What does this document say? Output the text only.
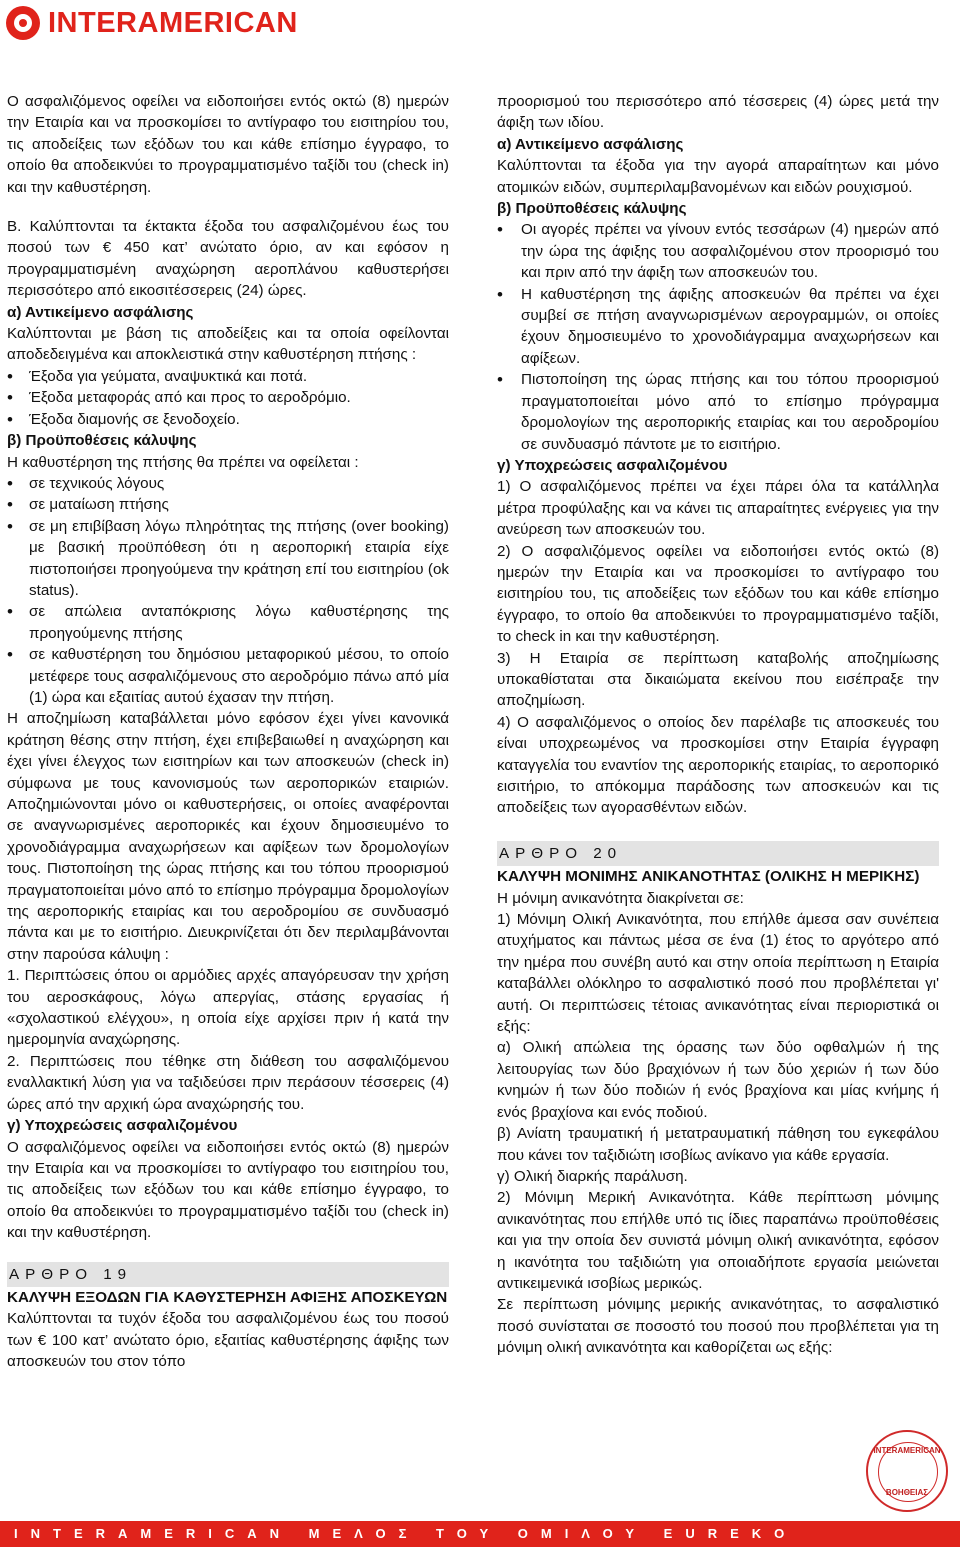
INTERAMERICAN

Ο ασφαλιζόμενος οφείλει να ειδοποιήσει εντός οκτώ (8) ημερών την Εταιρία και να προσκομίσει το αντίγραφο του εισιτηρίου του, τις αποδείξεις των εξόδων του και κάθε επίσημο έγγραφο, το οποίο θα αποδεικνύει το προγραμματισμένο ταξίδι του (check in) και την καθυστέρηση.

Β. Καλύπτονται τα έκτακτα έξοδα του ασφαλιζομένου έως του ποσού των € 450 κατ’ ανώτατο όριο, αν και εφόσον η προγραμματισμένη αναχώρηση αεροπλάνου καθυστερήσει περισσότερο από εικοσιτέσσερεις (24) ώρες.

α) Αντικείμενο ασφάλισης

Καλύπτονται με βάση τις αποδείξεις και τα οποία οφείλονται αποδεδειγμένα και αποκλειστικά στην καθυστέρηση πτήσης :

• Έξοδα για γεύματα, αναψυκτικά και ποτά.
• Έξοδα μεταφοράς από και προς το αεροδρόμιο.
• Έξοδα διαμονής σε ξενοδοχείο.

β) Προϋποθέσεις κάλυψης

Η καθυστέρηση της πτήσης θα πρέπει να οφείλεται :

• σε τεχνικούς λόγους
• σε ματαίωση πτήσης
• σε μη επιβίβαση λόγω πληρότητας της πτήσης (over booking) με βασική προϋπόθεση ότι η αεροπορική εταιρία είχε πιστοποιήσει προηγούμενα την κράτηση επί του εισιτηρίου (ok status).
• σε απώλεια ανταπόκρισης λόγω καθυστέρησης της προηγούμενης πτήσης
• σε καθυστέρηση του δημόσιου μεταφορικού μέσου, το οποίο μετέφερε τους ασφαλιζόμενους στο αεροδρόμιο πάνω από μία (1) ώρα και εξαιτίας αυτού έχασαν την πτήση.

Η αποζημίωση καταβάλλεται μόνο εφόσον έχει γίνει κανονικά κράτηση θέσης στην πτήση, έχει επιβεβαιωθεί η αναχώρηση και έχει γίνει έλεγχος των εισιτηρίων και των αποσκευών (check in) σύμφωνα με τους κανονισμούς των αεροπορικών εταιριών. Αποζημιώνονται μόνο οι καθυστερήσεις, οι οποίες αναφέρονται σε αναγνωρισμένες αεροπορικές και έχουν δημοσιευμένο το χρονοδιάγραμμα αναχωρήσεων και αφίξεων των δρομολογίων τους. Πιστοποίηση της ώρας πτήσης και του τόπου προορισμού πραγματοποιείται μόνο από το επίσημο πρόγραμμα δρομολογίων της αεροπορικής εταιρίας και του αεροδρομίου σε συνδυασμό πάντα και με το εισιτήριο. Διευκρινίζεται ότι δεν περιλαμβάνονται στην παρούσα κάλυψη :

1. Περιπτώσεις όπου οι αρμόδιες αρχές απαγόρευσαν την χρήση του αεροσκάφους, λόγω απεργίας, στάσης εργασίας ή «σχολαστικού ελέγχου», η οποία είχε αρχίσει πριν ή κατά την ημερομηνία αναχώρησης.

2. Περιπτώσεις που τέθηκε στη διάθεση του ασφαλιζόμενου εναλλακτική λύση για να ταξιδεύσει πριν περάσουν τέσσερεις (4) ώρες από την αρχική ώρα αναχώρησής του.

γ) Υποχρεώσεις ασφαλιζομένου

Ο ασφαλιζόμενος οφείλει να ειδοποιήσει εντός οκτώ (8) ημερών την Εταιρία και να προσκομίσει το αντίγραφο του εισιτηρίου του, τις αποδείξεις των εξόδων του και κάθε επίσημο έγγραφο, το οποίο θα αποδεικνύει το προγραμματισμένο ταξίδι του (check in) και την καθυστέρηση.

ΑΡΘΡΟ 19

ΚΑΛΥΨΗ ΕΞΟΔΩΝ ΓΙΑ ΚΑΘΥΣΤΕΡΗΣΗ ΑΦΙΞΗΣ ΑΠΟΣΚΕΥΩΝ

Καλύπτονται τα τυχόν έξοδα του ασφαλιζομένου έως του ποσού των € 100 κατ’ ανώτατο όριο, εξαιτίας καθυστέρησης άφιξης των αποσκευών του στον τόπο

προορισμού του περισσότερο από τέσσερεις (4) ώρες μετά την άφιξη των ιδίου.

α) Αντικείμενο ασφάλισης

Καλύπτονται τα έξοδα για την αγορά απαραίτητων και μόνο ατομικών ειδών, συμπεριλαμβανομένων και ειδών ρουχισμού.

β) Προϋποθέσεις κάλυψης

• Οι αγορές πρέπει να γίνουν εντός τεσσάρων (4) ημερών από την ώρα της άφιξης του ασφαλιζομένου στον προορισμό του και πριν από την άφιξη των αποσκευών του.
• Η καθυστέρηση της άφιξης αποσκευών θα πρέπει να έχει συμβεί σε πτήση αναγνωρισμένων αερογραμμών, οι οποίες έχουν δημοσιευμένο το χρονοδιάγραμμα αναχωρήσεων και αφίξεων.
• Πιστοποίηση της ώρας πτήσης και του τόπου προορισμού πραγματοποιείται μόνο από το επίσημο πρόγραμμα δρομολογίων της αεροπορικής εταιρίας και του αεροδρομίου σε συνδυασμό πάντοτε με το εισιτήριο.

γ) Υποχρεώσεις ασφαλιζομένου

1) Ο ασφαλιζόμενος πρέπει να έχει πάρει όλα τα κατάλληλα μέτρα προφύλαξης και να κάνει τις απαραίτητες ενέργειες για την ανεύρεση των αποσκευών του.

2) Ο ασφαλιζόμενος οφείλει να ειδοποιήσει εντός οκτώ (8) ημερών την Εταιρία και να προσκομίσει το αντίγραφο του εισιτηρίου του, τις αποδείξεις των εξόδων του και κάθε επίσημο έγγραφο, το οποίο θα αποδεικνύει το προγραμματισμένο ταξίδι, το check in και την καθυστέρηση.

3) Η Εταιρία σε περίπτωση καταβολής αποζημίωσης υποκαθίσταται στα δικαιώματα εκείνου που εισέπραξε την αποζημίωση.

4) Ο ασφαλιζόμενος ο οποίος δεν παρέλαβε τις αποσκευές του είναι υποχρεωμένος να προσκομίσει στην Εταιρία έγγραφη καταγγελία του εναντίον της αεροπορικής εταιρίας, το αεροπορικό εισιτήριο, το απόκομμα παράδοσης των αποσκευών και τις αποδείξεις των αγορασθέντων ειδών.

ΑΡΘΡΟ 20

ΚΑΛΥΨΗ ΜΟΝΙΜΗΣ ΑΝΙΚΑΝΟΤΗΤΑΣ (ΟΛΙΚΗΣ Η ΜΕΡΙΚΗΣ)

Η μόνιμη ανικανότητα διακρίνεται σε:

1) Μόνιμη Ολική Ανικανότητα, που επήλθε άμεσα σαν συνέπεια ατυχήματος και πάντως μέσα σε ένα (1) έτος το αργότερο από την ημέρα που συνέβη αυτό και στην οποία περίπτωση η Εταιρία καταβάλλει ολόκληρο το ασφαλιστικό ποσό που προβλέπεται γι' αυτή. Οι περιπτώσεις τέτοιας ανικανότητας είναι περιοριστικά οι εξής:

α) Ολική απώλεια της όρασης των δύο οφθαλμών ή της λειτουργίας των δύο βραχιόνων ή των δύο χεριών ή των δύο κνημών ή των δύο ποδιών ή ενός βραχίονα και μίας κνήμης ή ενός βραχίονα και ενός ποδιού.

β) Ανίατη τραυματική ή μετατραυματική πάθηση του εγκεφάλου που κάνει τον ταξιδιώτη ισοβίως ανίκανο για κάθε εργασία.

γ) Ολική διαρκής παράλυση.

2) Μόνιμη Μερική Ανικανότητα. Κάθε περίπτωση μόνιμης ανικανότητας που επήλθε υπό τις ίδιες παραπάνω προϋποθέσεις και για την οποία δεν συνιστά μόνιμη ολική ανικανότητα, εφόσον η ικανότητα του ταξιδιώτη για οποιαδήποτε εργασία μειώνεται αντικειμενικά ισοβίως μερικώς.

Σε περίπτωση μόνιμης μερικής ανικανότητας, το ασφαλιστικό ποσό συνίσταται σε ποσοστό του ποσού που προβλέπεται για τη μόνιμη ολική ανικανότητα και καθορίζεται ως εξής:

INTERAMERICAN
ΒΟΗΘΕΙΑΣ
INTERAMERICAN ΜΕΛΟΣ ΤΟΥ ΟΜΙΛΟΥ EUREKO
